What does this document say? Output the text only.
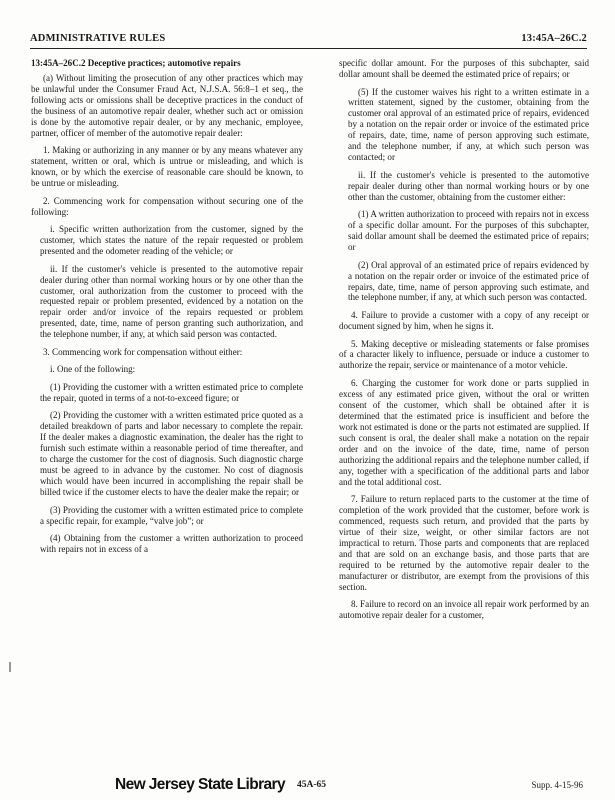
ADMINISTRATIVE RULES	13:45A–26C.2

13:45A–26C.2 Deceptive practices; automotive repairs

(a) Without limiting the prosecution of any other practices which may be unlawful under the Consumer Fraud Act, N.J.S.A. 56:8–1 et seq., the following acts or omissions shall be deceptive practices in the conduct of the business of an automotive repair dealer, whether such act or omission is done by the automotive repair dealer, or by any mechanic, employee, partner, officer of member of the automotive repair dealer:

1. Making or authorizing in any manner or by any means whatever any statement, written or oral, which is untrue or misleading, and which is known, or by which the exercise of reasonable care should be known, to be untrue or misleading.

2. Commencing work for compensation without securing one of the following:

i. Specific written authorization from the customer, signed by the customer, which states the nature of the repair requested or problem presented and the odometer reading of the vehicle; or

ii. If the customer's vehicle is presented to the automotive repair dealer during other than normal working hours or by one other than the customer, oral authorization from the customer to proceed with the requested repair or problem presented, evidenced by a notation on the repair order and/or invoice of the repairs requested or problem presented, date, time, name of person granting such authorization, and the telephone number, if any, at which said person was contacted.

3. Commencing work for compensation without either:

i. One of the following:

(1) Providing the customer with a written estimated price to complete the repair, quoted in terms of a not-to-exceed figure; or

(2) Providing the customer with a written estimated price quoted as a detailed breakdown of parts and labor necessary to complete the repair. If the dealer makes a diagnostic examination, the dealer has the right to furnish such estimate within a reasonable period of time thereafter, and to charge the customer for the cost of diagnosis. Such diagnostic charge must be agreed to in advance by the customer. No cost of diagnosis which would have been incurred in accomplishing the repair shall be billed twice if the customer elects to have the dealer make the repair; or

(3) Providing the customer with a written estimated price to complete a specific repair, for example, “valve job”; or

(4) Obtaining from the customer a written authorization to proceed with repairs not in excess of a

specific dollar amount. For the purposes of this subchapter, said dollar amount shall be deemed the estimated price of repairs; or

(5) If the customer waives his right to a written estimate in a written statement, signed by the customer, obtaining from the customer oral approval of an estimated price of repairs, evidenced by a notation on the repair order or invoice of the estimated price of repairs, date, time, name of person approving such estimate, and the telephone number, if any, at which such person was contacted; or

ii. If the customer's vehicle is presented to the automotive repair dealer during other than normal working hours or by one other than the customer, obtaining from the customer either:

(1) A written authorization to proceed with repairs not in excess of a specific dollar amount. For the purposes of this subchapter, said dollar amount shall be deemed the estimated price of repairs; or

(2) Oral approval of an estimated price of repairs evidenced by a notation on the repair order or invoice of the estimated price of repairs, date, time, name of person approving such estimate, and the telephone number, if any, at which such person was contacted.

4. Failure to provide a customer with a copy of any receipt or document signed by him, when he signs it.

5. Making deceptive or misleading statements or false promises of a character likely to influence, persuade or induce a customer to authorize the repair, service or maintenance of a motor vehicle.

6. Charging the customer for work done or parts supplied in excess of any estimated price given, without the oral or written consent of the customer, which shall be obtained after it is determined that the estimated price is insufficient and before the work not estimated is done or the parts not estimated are supplied. If such consent is oral, the dealer shall make a notation on the repair order and on the invoice of the date, time, name of person authorizing the additional repairs and the telephone number called, if any, together with a specification of the additional parts and labor and the total additional cost.

7. Failure to return replaced parts to the customer at the time of completion of the work provided that the customer, before work is commenced, requests such return, and provided that the parts by virtue of their size, weight, or other similar factors are not impractical to return. Those parts and components that are replaced and that are sold on an exchange basis, and those parts that are required to be returned by the automotive repair dealer to the manufacturer or distributor, are exempt from the provisions of this section.

8. Failure to record on an invoice all repair work performed by an automotive repair dealer for a customer,

New Jersey State Library 45A-65	Supp. 4-15-96
